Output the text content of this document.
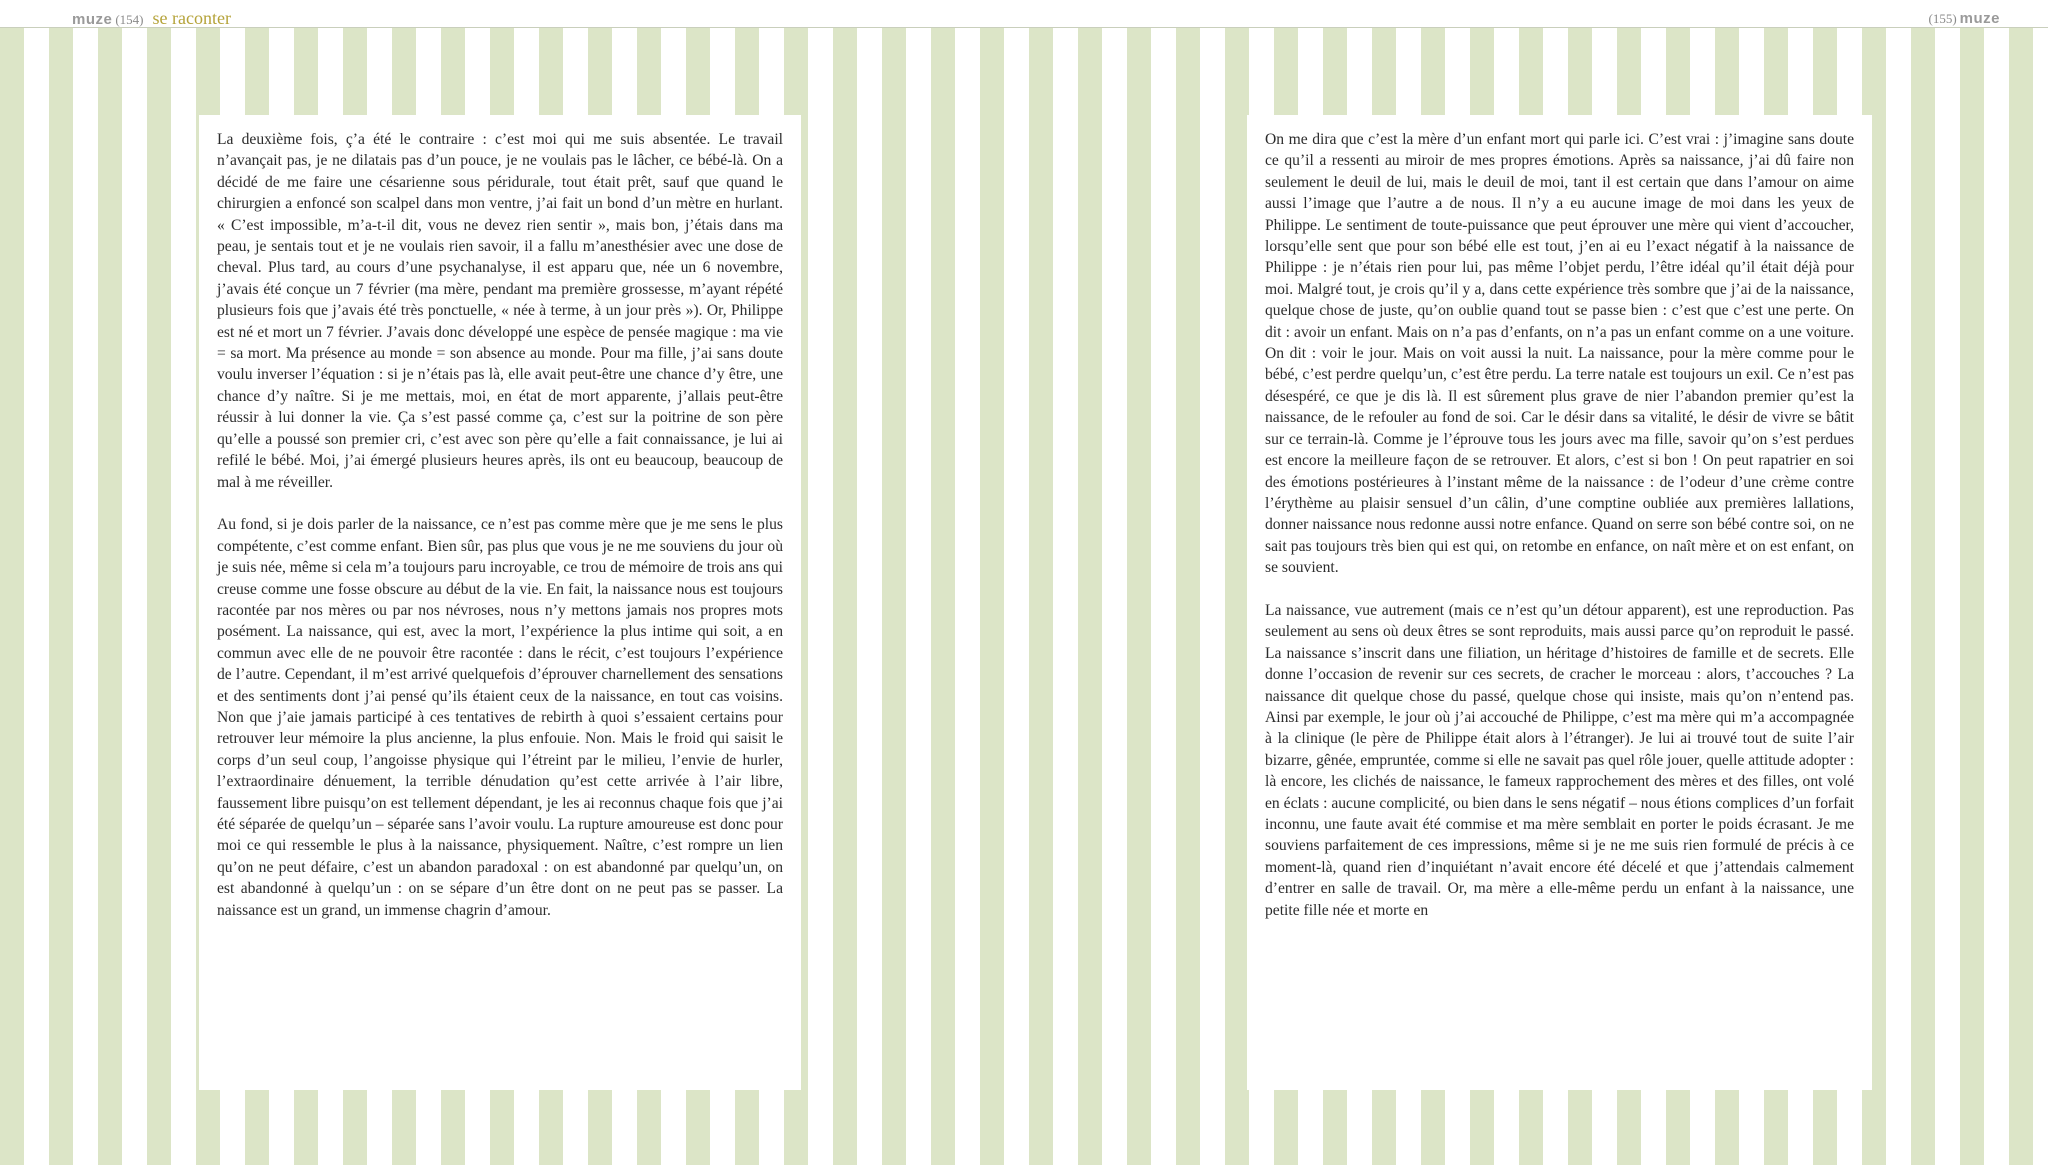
muze (154) se raconter

La deuxième fois, ç’a été le contraire : c’est moi qui me suis absentée. Le travail n’avançait pas, je ne dilatais pas d’un pouce, je ne voulais pas le lâcher, ce bébé-là. On a décidé de me faire une césarienne sous péridurale, tout était prêt, sauf que quand le chirurgien a enfoncé son scalpel dans mon ventre, j’ai fait un bond d’un mètre en hurlant. « C’est impossible, m’a-t-il dit, vous ne devez rien sentir », mais bon, j’étais dans ma peau, je sentais tout et je ne voulais rien savoir, il a fallu m’anesthésier avec une dose de cheval. Plus tard, au cours d’une psychanalyse, il est apparu que, née un 6 novembre, j’avais été conçue un 7 février (ma mère, pendant ma première grossesse, m’ayant répété plusieurs fois que j’avais été très ponctuelle, « née à terme, à un jour près »). Or, Philippe est né et mort un 7 février. J’avais donc développé une espèce de pensée magique : ma vie = sa mort. Ma présence au monde = son absence au monde. Pour ma fille, j’ai sans doute voulu inverser l’équation : si je n’étais pas là, elle avait peut-être une chance d’y être, une chance d’y naître. Si je me mettais, moi, en état de mort apparente, j’allais peut-être réussir à lui donner la vie. Ça s’est passé comme ça, c’est sur la poitrine de son père qu’elle a poussé son premier cri, c’est avec son père qu’elle a fait connaissance, je lui ai refilé le bébé. Moi, j’ai émergé plusieurs heures après, ils ont eu beaucoup, beaucoup de mal à me réveiller.

Au fond, si je dois parler de la naissance, ce n’est pas comme mère que je me sens le plus compétente, c’est comme enfant. Bien sûr, pas plus que vous je ne me souviens du jour où je suis née, même si cela m’a toujours paru incroyable, ce trou de mémoire de trois ans qui creuse comme une fosse obscure au début de la vie. En fait, la naissance nous est toujours racontée par nos mères ou par nos névroses, nous n’y mettons jamais nos propres mots posément. La naissance, qui est, avec la mort, l’expérience la plus intime qui soit, a en commun avec elle de ne pouvoir être racontée : dans le récit, c’est toujours l’expérience de l’autre. Cependant, il m’est arrivé quelquefois d’éprouver charnellement des sensations et des sentiments dont j’ai pensé qu’ils étaient ceux de la naissance, en tout cas voisins. Non que j’aie jamais participé à ces tentatives de rebirth à quoi s’essaient certains pour retrouver leur mémoire la plus ancienne, la plus enfouie. Non. Mais le froid qui saisit le corps d’un seul coup, l’angoisse physique qui l’étreint par le milieu, l’envie de hurler, l’extraordinaire dénuement, la terrible dénudation qu’est cette arrivée à l’air libre, faussement libre puisqu’on est tellement dépendant, je les ai reconnus chaque fois que j’ai été séparée de quelqu’un – séparée sans l’avoir voulu. La rupture amoureuse est donc pour moi ce qui ressemble le plus à la naissance, physiquement. Naître, c’est rompre un lien qu’on ne peut défaire, c’est un abandon paradoxal : on est abandonné par quelqu’un, on est abandonné à quelqu’un : on se sépare d’un être dont on ne peut pas se passer. La naissance est un grand, un immense chagrin d’amour.

(155) muze

On me dira que c’est la mère d’un enfant mort qui parle ici. C’est vrai : j’imagine sans doute ce qu’il a ressenti au miroir de mes propres émotions. Après sa naissance, j’ai dû faire non seulement le deuil de lui, mais le deuil de moi, tant il est certain que dans l’amour on aime aussi l’image que l’autre a de nous. Il n’y a eu aucune image de moi dans les yeux de Philippe. Le sentiment de toute-puissance que peut éprouver une mère qui vient d’accoucher, lorsqu’elle sent que pour son bébé elle est tout, j’en ai eu l’exact négatif à la naissance de Philippe : je n’étais rien pour lui, pas même l’objet perdu, l’être idéal qu’il était déjà pour moi. Malgré tout, je crois qu’il y a, dans cette expérience très sombre que j’ai de la naissance, quelque chose de juste, qu’on oublie quand tout se passe bien : c’est que c’est une perte. On dit : avoir un enfant. Mais on n’a pas d’enfants, on n’a pas un enfant comme on a une voiture. On dit : voir le jour. Mais on voit aussi la nuit. La naissance, pour la mère comme pour le bébé, c’est perdre quelqu’un, c’est être perdu. La terre natale est toujours un exil. Ce n’est pas désespéré, ce que je dis là. Il est sûrement plus grave de nier l’abandon premier qu’est la naissance, de le refouler au fond de soi. Car le désir dans sa vitalité, le désir de vivre se bâtit sur ce terrain-là. Comme je l’éprouve tous les jours avec ma fille, savoir qu’on s’est perdues est encore la meilleure façon de se retrouver. Et alors, c’est si bon ! On peut rapatrier en soi des émotions postérieures à l’instant même de la naissance : de l’odeur d’une crème contre l’érythème au plaisir sensuel d’un câlin, d’une comptine oubliée aux premières lallations, donner naissance nous redonne aussi notre enfance. Quand on serre son bébé contre soi, on ne sait pas toujours très bien qui est qui, on retombe en enfance, on naît mère et on est enfant, on se souvient.

La naissance, vue autrement (mais ce n’est qu’un détour apparent), est une reproduction. Pas seulement au sens où deux êtres se sont reproduits, mais aussi parce qu’on reproduit le passé. La naissance s’inscrit dans une filiation, un héritage d’histoires de famille et de secrets. Elle donne l’occasion de revenir sur ces secrets, de cracher le morceau : alors, t’accouches ? La naissance dit quelque chose du passé, quelque chose qui insiste, mais qu’on n’entend pas. Ainsi par exemple, le jour où j’ai accouché de Philippe, c’est ma mère qui m’a accompagnée à la clinique (le père de Philippe était alors à l’étranger). Je lui ai trouvé tout de suite l’air bizarre, gênée, empruntée, comme si elle ne savait pas quel rôle jouer, quelle attitude adopter : là encore, les clichés de naissance, le fameux rapprochement des mères et des filles, ont volé en éclats : aucune complicité, ou bien dans le sens négatif – nous étions complices d’un forfait inconnu, une faute avait été commise et ma mère semblait en porter le poids écrasant. Je me souviens parfaitement de ces impressions, même si je ne me suis rien formulé de précis à ce moment-là, quand rien d’inquiétant n’avait encore été décelé et que j’attendais calmement d’entrer en salle de travail. Or, ma mère a elle-même perdu un enfant à la naissance, une petite fille née et morte en
